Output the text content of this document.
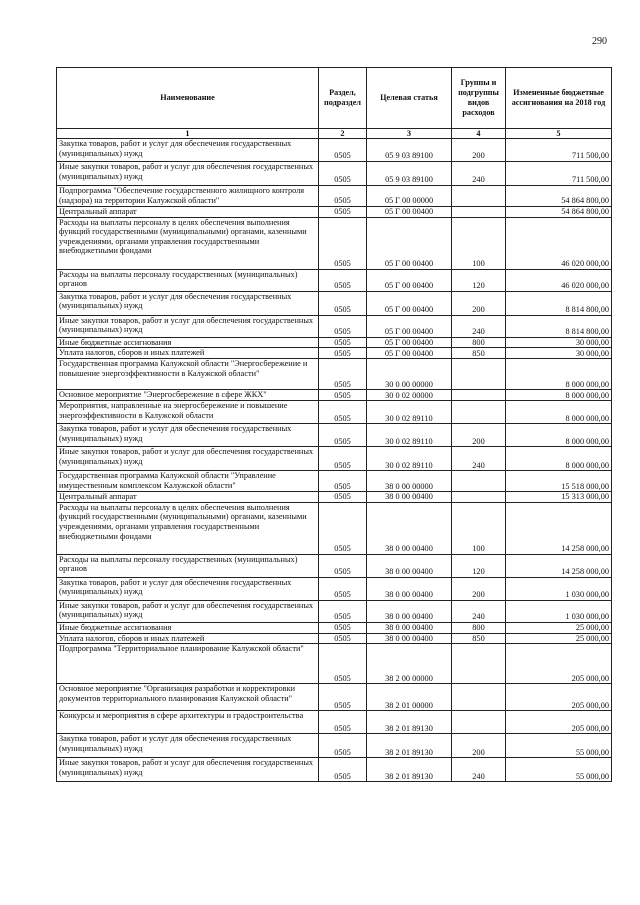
290
Наименование	Раздел, подраздел	Целевая статья	Группы и подгруппы видов расходов	Измененные бюджетные ассигнования на 2018 год
1	2	3	4	5
Закупка товаров, работ и услуг для обеспечения государственных (муниципальных) нужд	0505	05 9 03 89100	200	711 500,00
Иные закупки товаров, работ и услуг для обеспечения государственных (муниципальных) нужд	0505	05 9 03 89100	240	711 500,00
Подпрограмма "Обеспечение государственного жилищного контроля (надзора) на территории Калужской области"	0505	05 Г 00 00000		54 864 800,00
Центральный аппарат	0505	05 Г 00 00400		54 864 800,00
Расходы на выплаты персоналу в целях обеспечения выполнения функций государственными (муниципальными) органами, казенными учреждениями, органами управления государственными внебюджетными фондами	0505	05 Г 00 00400	100	46 020 000,00
Расходы на выплаты персоналу государственных (муниципальных) органов	0505	05 Г 00 00400	120	46 020 000,00
Закупка товаров, работ и услуг для обеспечения государственных (муниципальных) нужд	0505	05 Г 00 00400	200	8 814 800,00
Иные закупки товаров, работ и услуг для обеспечения государственных (муниципальных) нужд	0505	05 Г 00 00400	240	8 814 800,00
Иные бюджетные ассигнования	0505	05 Г 00 00400	800	30 000,00
Уплата налогов, сборов и иных платежей	0505	05 Г 00 00400	850	30 000,00
Государственная программа Калужской области "Энергосбережение и повышение энергоэффективности в Калужской области"	0505	30 0 00 00000		8 000 000,00
Основное мероприятие "Энергосбережение в сфере ЖКХ"	0505	30 0 02 00000		8 000 000,00
Мероприятия, направленные на энергосбережение и повышение энергоэффективности в Калужской области	0505	30 0 02 89110		8 000 000,00
Закупка товаров, работ и услуг для обеспечения государственных (муниципальных) нужд	0505	30 0 02 89110	200	8 000 000,00
Иные закупки товаров, работ и услуг для обеспечения государственных (муниципальных) нужд	0505	30 0 02 89110	240	8 000 000,00
Государственная программа Калужской области "Управление имущественным комплексом Калужской области"	0505	38 0 00 00000		15 518 000,00
Центральный аппарат	0505	38 0 00 00400		15 313 000,00
Расходы на выплаты персоналу в целях обеспечения выполнения функций государственными (муниципальными) органами, казенными учреждениями, органами управления государственными внебюджетными фондами	0505	38 0 00 00400	100	14 258 000,00
Расходы на выплаты персоналу государственных (муниципальных) органов	0505	38 0 00 00400	120	14 258 000,00
Закупка товаров, работ и услуг для обеспечения государственных (муниципальных) нужд	0505	38 0 00 00400	200	1 030 000,00
Иные закупки товаров, работ и услуг для обеспечения государственных (муниципальных) нужд	0505	38 0 00 00400	240	1 030 000,00
Иные бюджетные ассигнования	0505	38 0 00 00400	800	25 000,00
Уплата налогов, сборов и иных платежей	0505	38 0 00 00400	850	25 000,00
Подпрограмма "Территориальное планирование Калужской области"	0505	38 2 00 00000		205 000,00
Основное мероприятие "Организация разработки и корректировки документов территориального планирования Калужской области"	0505	38 2 01 00000		205 000,00
Конкурсы и мероприятия в сфере архитектуры и градостроительства	0505	38 2 01 89130		205 000,00
Закупка товаров, работ и услуг для обеспечения государственных (муниципальных) нужд	0505	38 2 01 89130	200	55 000,00
Иные закупки товаров, работ и услуг для обеспечения государственных (муниципальных) нужд	0505	38 2 01 89130	240	55 000,00
